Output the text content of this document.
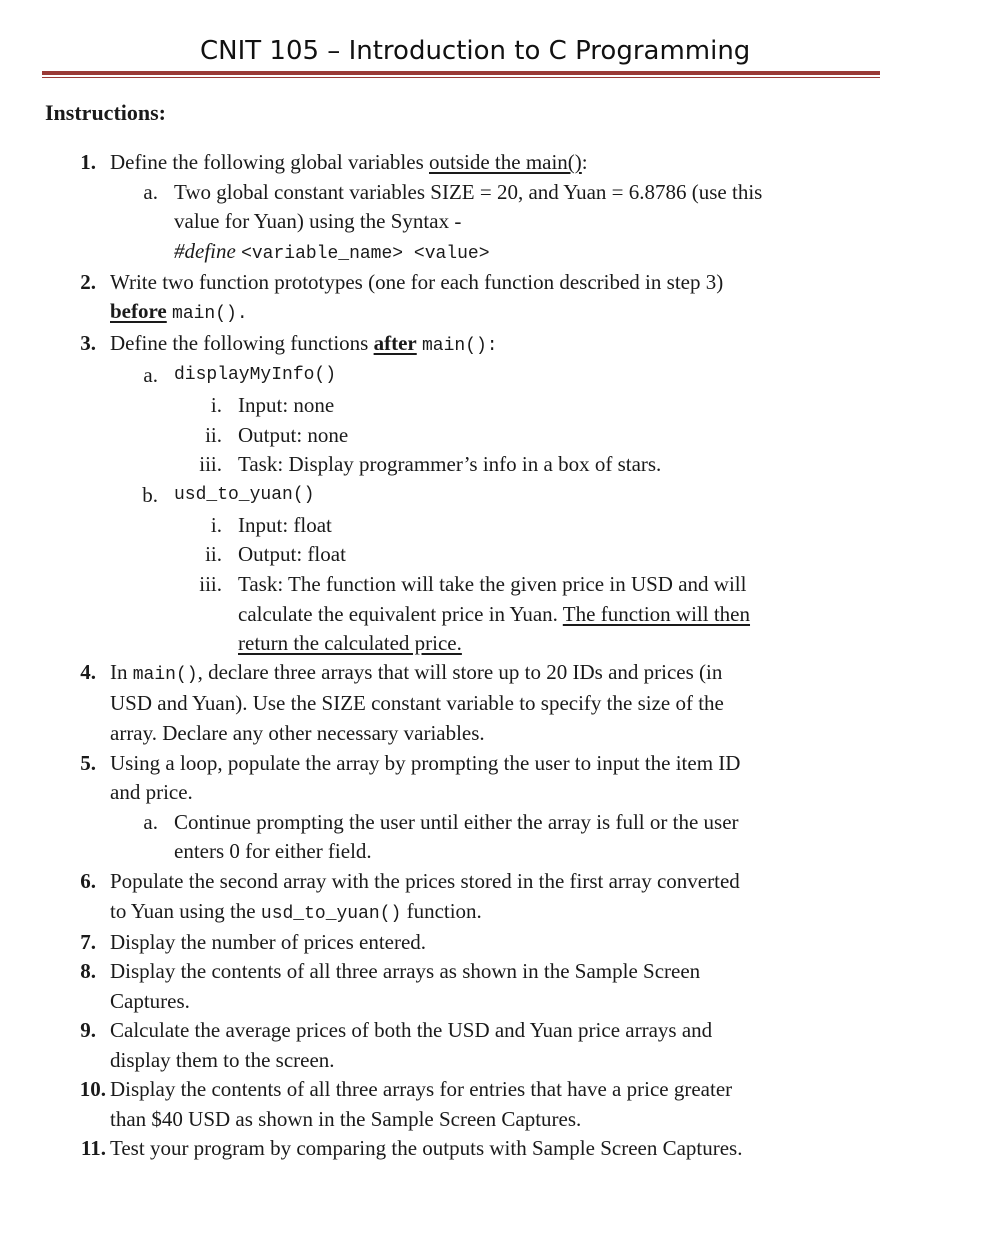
CNIT 105 – Introduction to C Programming
Instructions:
1. Define the following global variables outside the main():
a. Two global constant variables SIZE = 20, and Yuan = 6.8786 (use this
value for Yuan) using the Syntax -
#define <variable_name> <value>
2. Write two function prototypes (one for each function described in step 3)
before main().
3. Define the following functions after main():
a. displayMyInfo()
i. Input: none
ii. Output: none
iii. Task: Display programmer’s info in a box of stars.
b. usd_to_yuan()
i. Input: float
ii. Output: float
iii. Task: The function will take the given price in USD and will
calculate the equivalent price in Yuan. The function will then
return the calculated price.
4. In main(), declare three arrays that will store up to 20 IDs and prices (in
USD and Yuan). Use the SIZE constant variable to specify the size of the
array. Declare any other necessary variables.
5. Using a loop, populate the array by prompting the user to input the item ID
and price.
a. Continue prompting the user until either the array is full or the user
enters 0 for either field.
6. Populate the second array with the prices stored in the first array converted
to Yuan using the usd_to_yuan() function.
7. Display the number of prices entered.
8. Display the contents of all three arrays as shown in the Sample Screen
Captures.
9. Calculate the average prices of both the USD and Yuan price arrays and
display them to the screen.
10. Display the contents of all three arrays for entries that have a price greater
than $40 USD as shown in the Sample Screen Captures.
11. Test your program by comparing the outputs with Sample Screen Captures.
